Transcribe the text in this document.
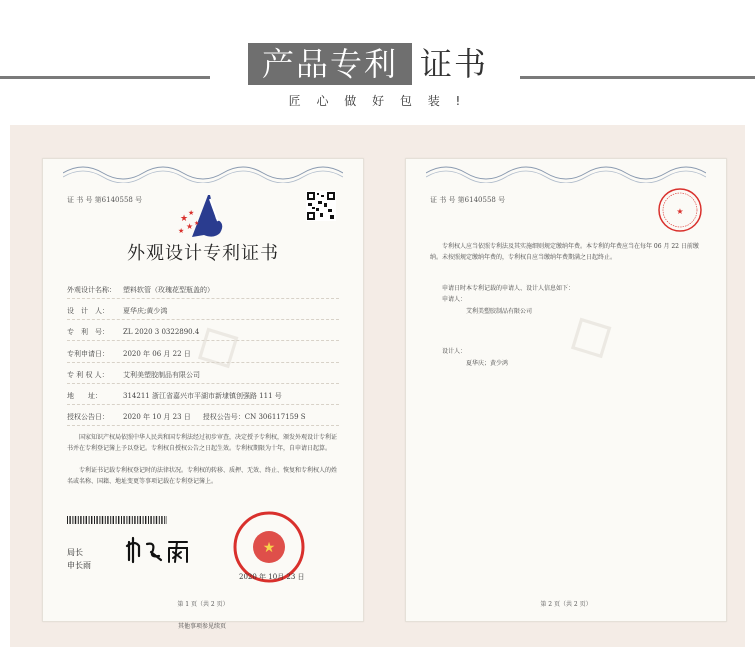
产品专利 证书
匠 心 做 好 包 装 !
◇
证 书 号 第6140558 号
★
★
★
★
★
外观设计专利证书
外观设计名称： 塑料软管（玫瑰花型瓶盖的）
设　计　人： 夏华庆;黄少鸿
专　利　号： ZL 2020 3 0322890.4
专利申请日： 2020 年 06 月 22 日
专 利 权 人： 艾利美塑胶制品有限公司
地　　址：	314211 浙江省嘉兴市平湖市新埭镇创强路 111 号
授权公告日： 2020 年 10 月 23 日 授权公告号：CN 306117159 S
国家知识产权局依照中华人民共和国专利法经过初步审查，决定授予专利权，颁发外观设计专利证书并在专利登记簿上予以登记。专利权自授权公告之日起生效。专利权期限为十年，自申请日起算。
专利证书记载专利权登记时的法律状况。专利权的转移、质押、无效、终止、恢复和专利权人的姓名或名称、国籍、地址变更等事项记载在专利登记簿上。
局长
申长雨
★
2020 年 10月 23 日
第 1 页（共 2 页）
其他事项参见续页
◇
证 书 号 第6140558 号
★
专利权人应当依照专利法及其实施细则规定缴纳年费。本专利的年费应当在每年 06 月 22 日前缴纳。未按照规定缴纳年费的，专利权自应当缴纳年费期满之日起终止。
申请日时本专利记载的申请人、设计人信息如下：
申请人：
艾利美塑胶制品有限公司
设计人：
夏华庆；黄少鸿
第 2 页（共 2 页）
